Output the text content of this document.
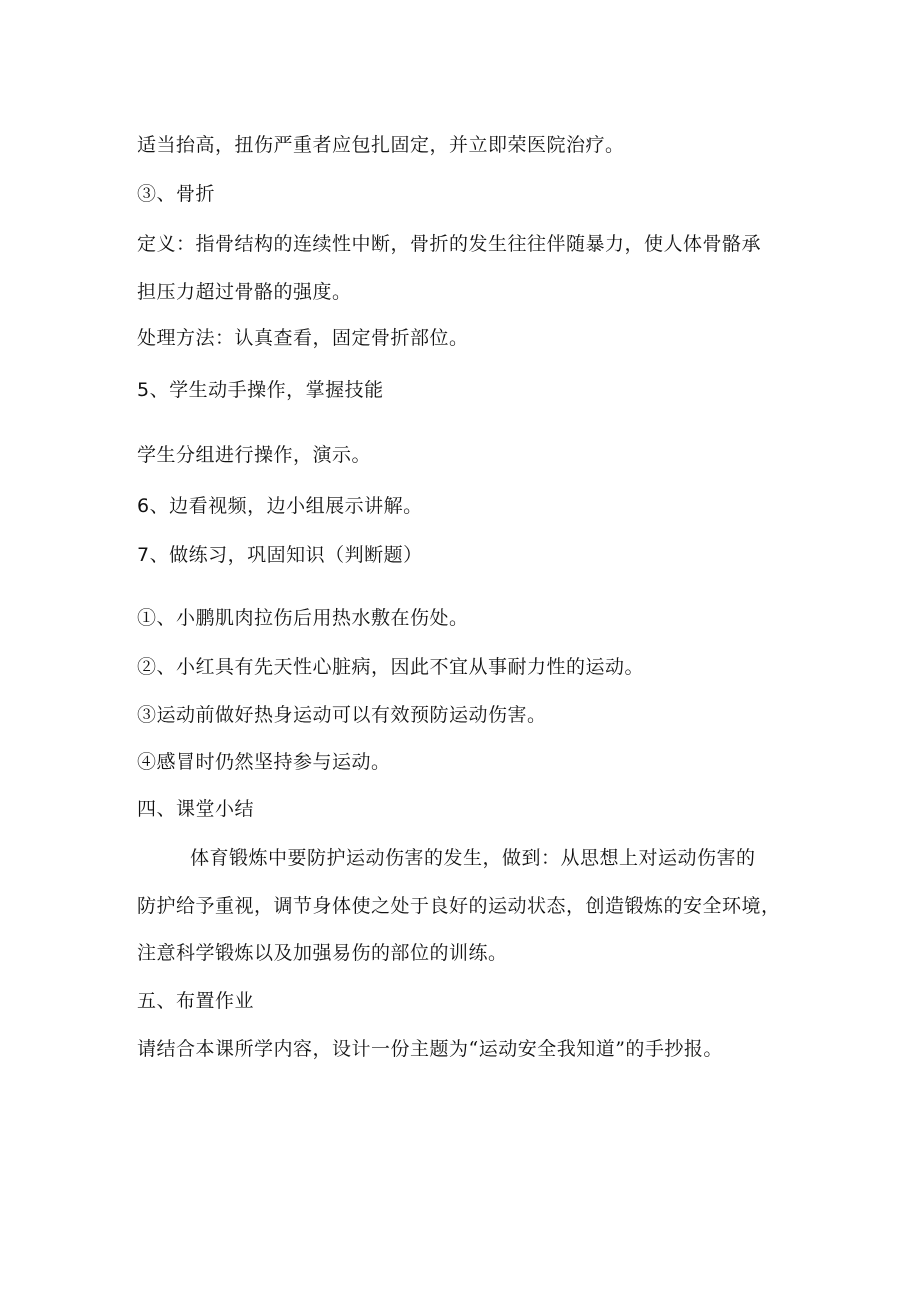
适当抬高，扭伤严重者应包扎固定，并立即荣医院治疗。
③、骨折
定义：指骨结构的连续性中断，骨折的发生往往伴随暴力，使人体骨骼承
担压力超过骨骼的强度。
处理方法：认真查看，固定骨折部位。
5、学生动手操作，掌握技能
学生分组进行操作，演示。
6、边看视频，边小组展示讲解。
7、做练习，巩固知识（判断题）
①、小鹏肌肉拉伤后用热水敷在伤处。
②、小红具有先天性心脏病，因此不宜从事耐力性的运动。
③运动前做好热身运动可以有效预防运动伤害。
④感冒时仍然坚持参与运动。
四、课堂小结
体育锻炼中要防护运动伤害的发生，做到：从思想上对运动伤害的
防护给予重视，调节身体使之处于良好的运动状态，创造锻炼的安全环境，
注意科学锻炼以及加强易伤的部位的训练。
五、布置作业
请结合本课所学内容，设计一份主题为“运动安全我知道”的手抄报。
